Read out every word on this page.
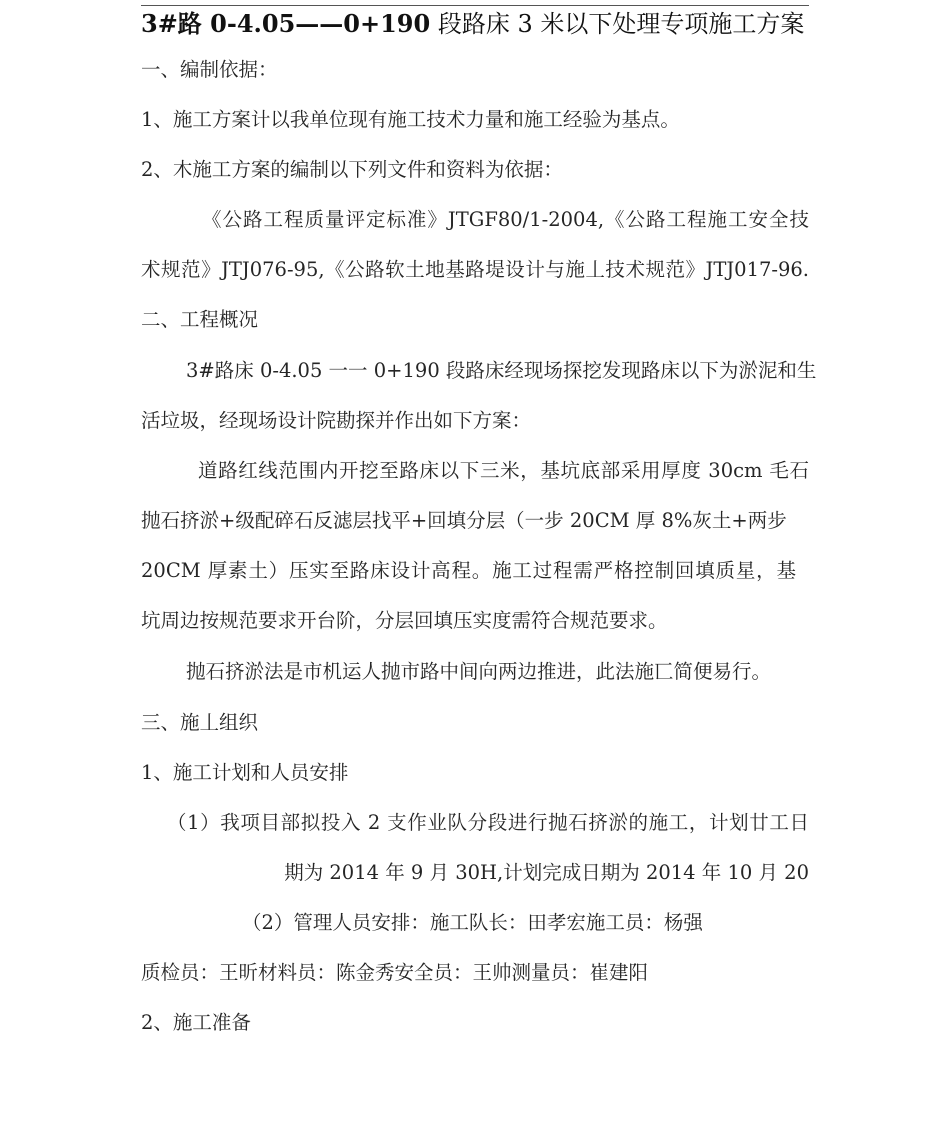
3#路 0-4.05——0+190 段路床 3 米以下处理专项施工方案
一、编制依据：
1、施工方案计以我单位现有施工技术力量和施工经验为基点。
2、木施工方案的编制以下列文件和资料为依据：
《公路工程质量评定标准》JTGF80/1-2004,《公路工程施工安全技
术规范》JTJ076-95,《公路软土地基路堤设计与施丄技术规范》JTJ017-96.
二、工程概况
3#路床 0-4.05 一一 0+190 段路床经现场探挖发现路床以下为淤泥和生
活垃圾，经现场设计院勘探并作出如下方案：
道路红线范围内开挖至路床以下三米，基坑底部采用厚度 30cm 毛石
抛石挤淤+级配碎石反滤层找平+回填分层（一步 20CM 厚 8%灰土+两步
20CM 厚素土）压实至路床设计高程。施工过程需严格控制回填质星，基
坑周边按规范要求开台阶，分层回填压实度需符合规范要求。
抛石挤淤法是市机运人抛市路中间向两边推进，此法施匸简便易行。
三、施丄组织
1、施工计划和人员安排
（1）我项目部拟投入 2 支作业队分段进行抛石挤淤的施工，计划廿工日
期为 2014 年 9 月 30H,计划完成日期为 2014 年 10 月 20
（2）管理人员安排：施工队长：田孝宏施工员：杨强
质检员：王昕材料员：陈金秀安全员：王帅测量员：崔建阳
2、施工准备
